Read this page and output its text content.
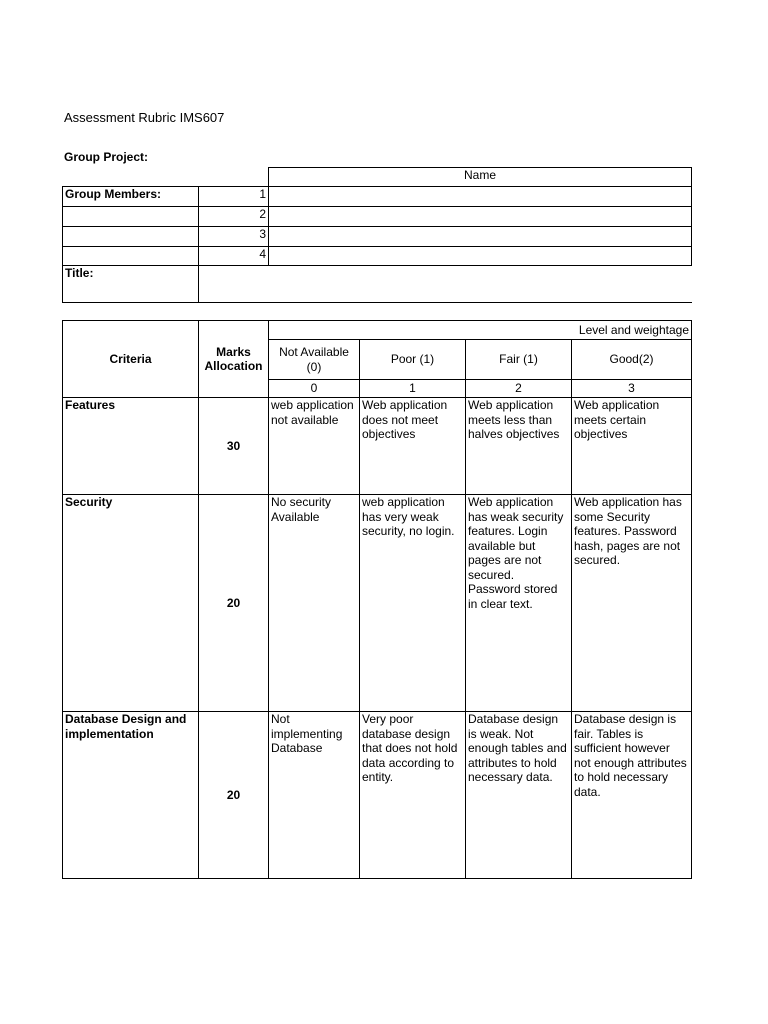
Assessment Rubric IMS607
Group Project:
		Name
Group Members:	1	
	2	
	3	
	4	
Title:		
Criteria	Marks Allocation	Level and weightage			
		Not Available (0)	Poor (1)	Fair (1)	Good(2)
		0	1	2	3
Features	30	web application not available	Web application does not meet objectives	Web application meets less than halves objectives	Web application meets certain objectives
Security	20	No security Available	web application has very weak security, no login.	Web application has weak security features. Login available but pages are not secured. Password stored in clear text.	Web application has some Security features. Password hash, pages are not secured.
Database Design and implementation	20	Not implementing Database	Very poor database design that does not hold data according to entity.	Database design is weak. Not enough tables and attributes to hold necessary data.	Database design is fair. Tables is sufficient however not enough attributes to hold necessary data.
